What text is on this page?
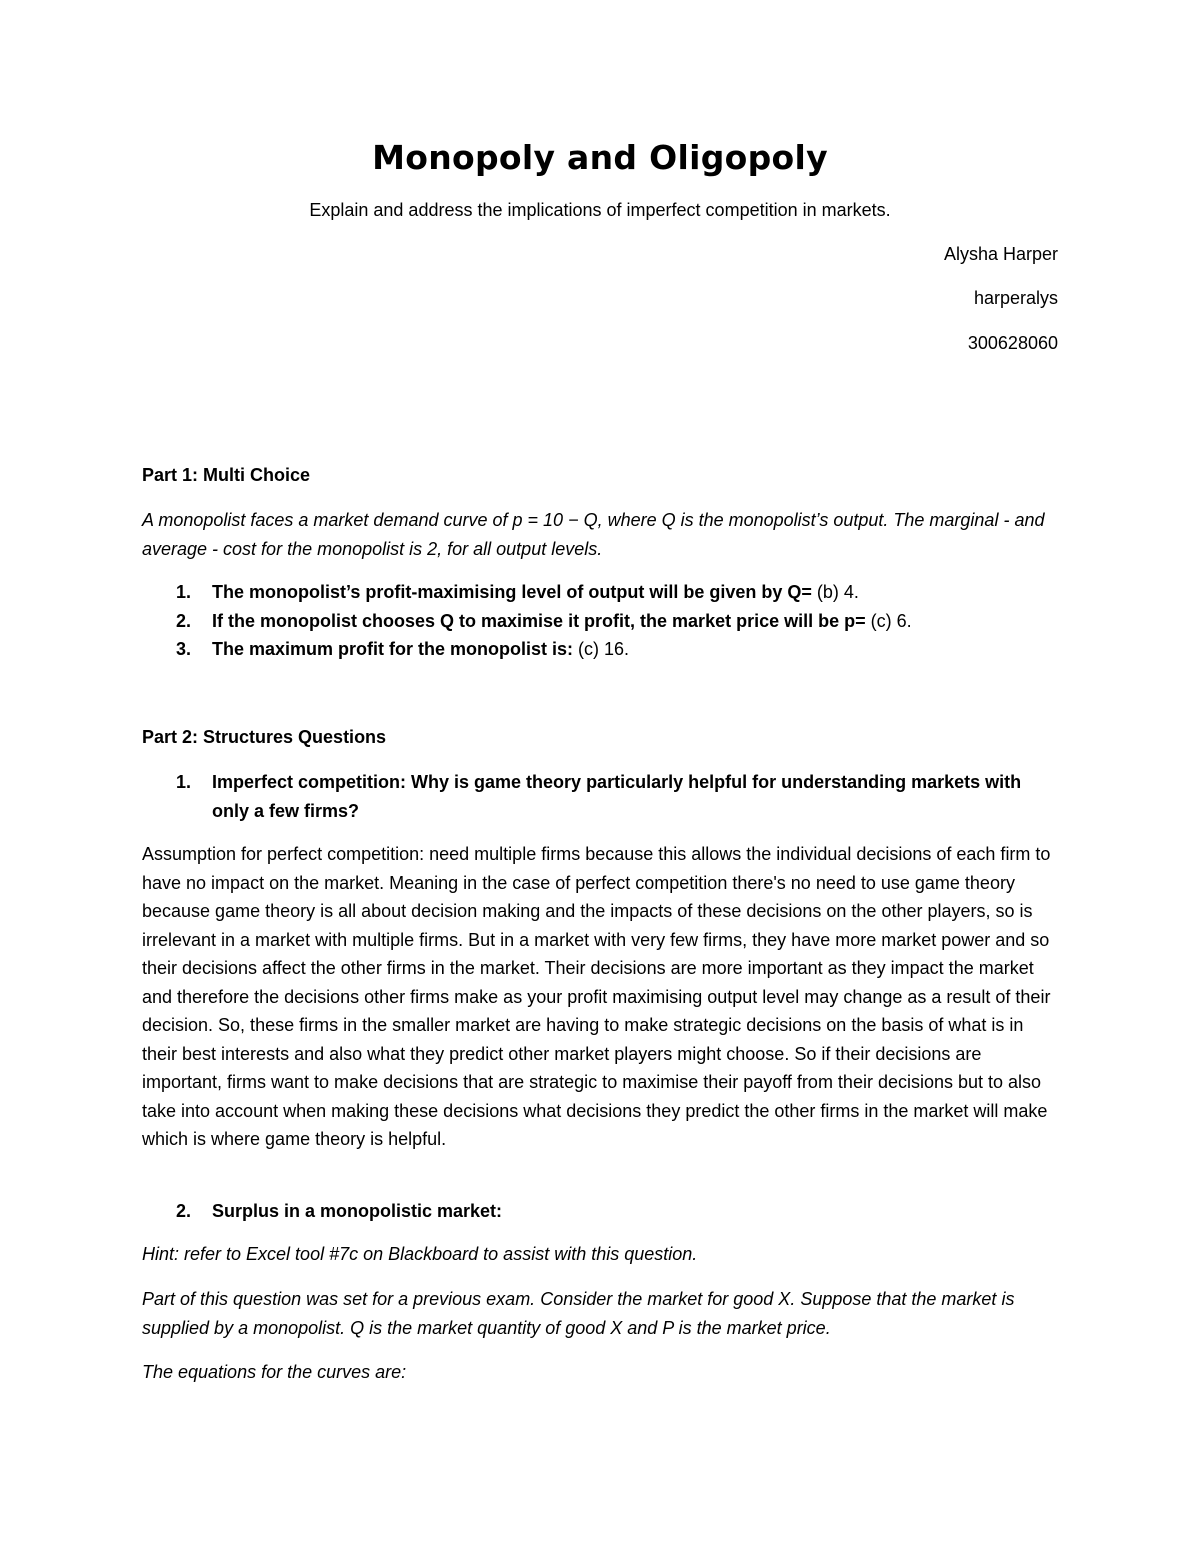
Monopoly and Oligopoly
Explain and address the implications of imperfect competition in markets.
Alysha Harper
harperalys
300628060
Part 1: Multi Choice
A monopolist faces a market demand curve of p = 10 − Q, where Q is the monopolist’s output. The marginal - and average - cost for the monopolist is 2, for all output levels.
1. The monopolist’s profit-maximising level of output will be given by Q= (b) 4.
2. If the monopolist chooses Q to maximise it profit, the market price will be p= (c) 6.
3. The maximum profit for the monopolist is: (c) 16.
Part 2: Structures Questions
1. Imperfect competition: Why is game theory particularly helpful for understanding markets with only a few firms?
Assumption for perfect competition: need multiple firms because this allows the individual decisions of each firm to have no impact on the market. Meaning in the case of perfect competition there's no need to use game theory because game theory is all about decision making and the impacts of these decisions on the other players, so is irrelevant in a market with multiple firms. But in a market with very few firms, they have more market power and so their decisions affect the other firms in the market. Their decisions are more important as they impact the market and therefore the decisions other firms make as your profit maximising output level may change as a result of their decision. So, these firms in the smaller market are having to make strategic decisions on the basis of what is in their best interests and also what they predict other market players might choose. So if their decisions are important, firms want to make decisions that are strategic to maximise their payoff from their decisions but to also take into account when making these decisions what decisions they predict the other firms in the market will make which is where game theory is helpful.
2. Surplus in a monopolistic market:
Hint: refer to Excel tool #7c on Blackboard to assist with this question.
Part of this question was set for a previous exam. Consider the market for good X. Suppose that the market is supplied by a monopolist. Q is the market quantity of good X and P is the market price.
The equations for the curves are:
